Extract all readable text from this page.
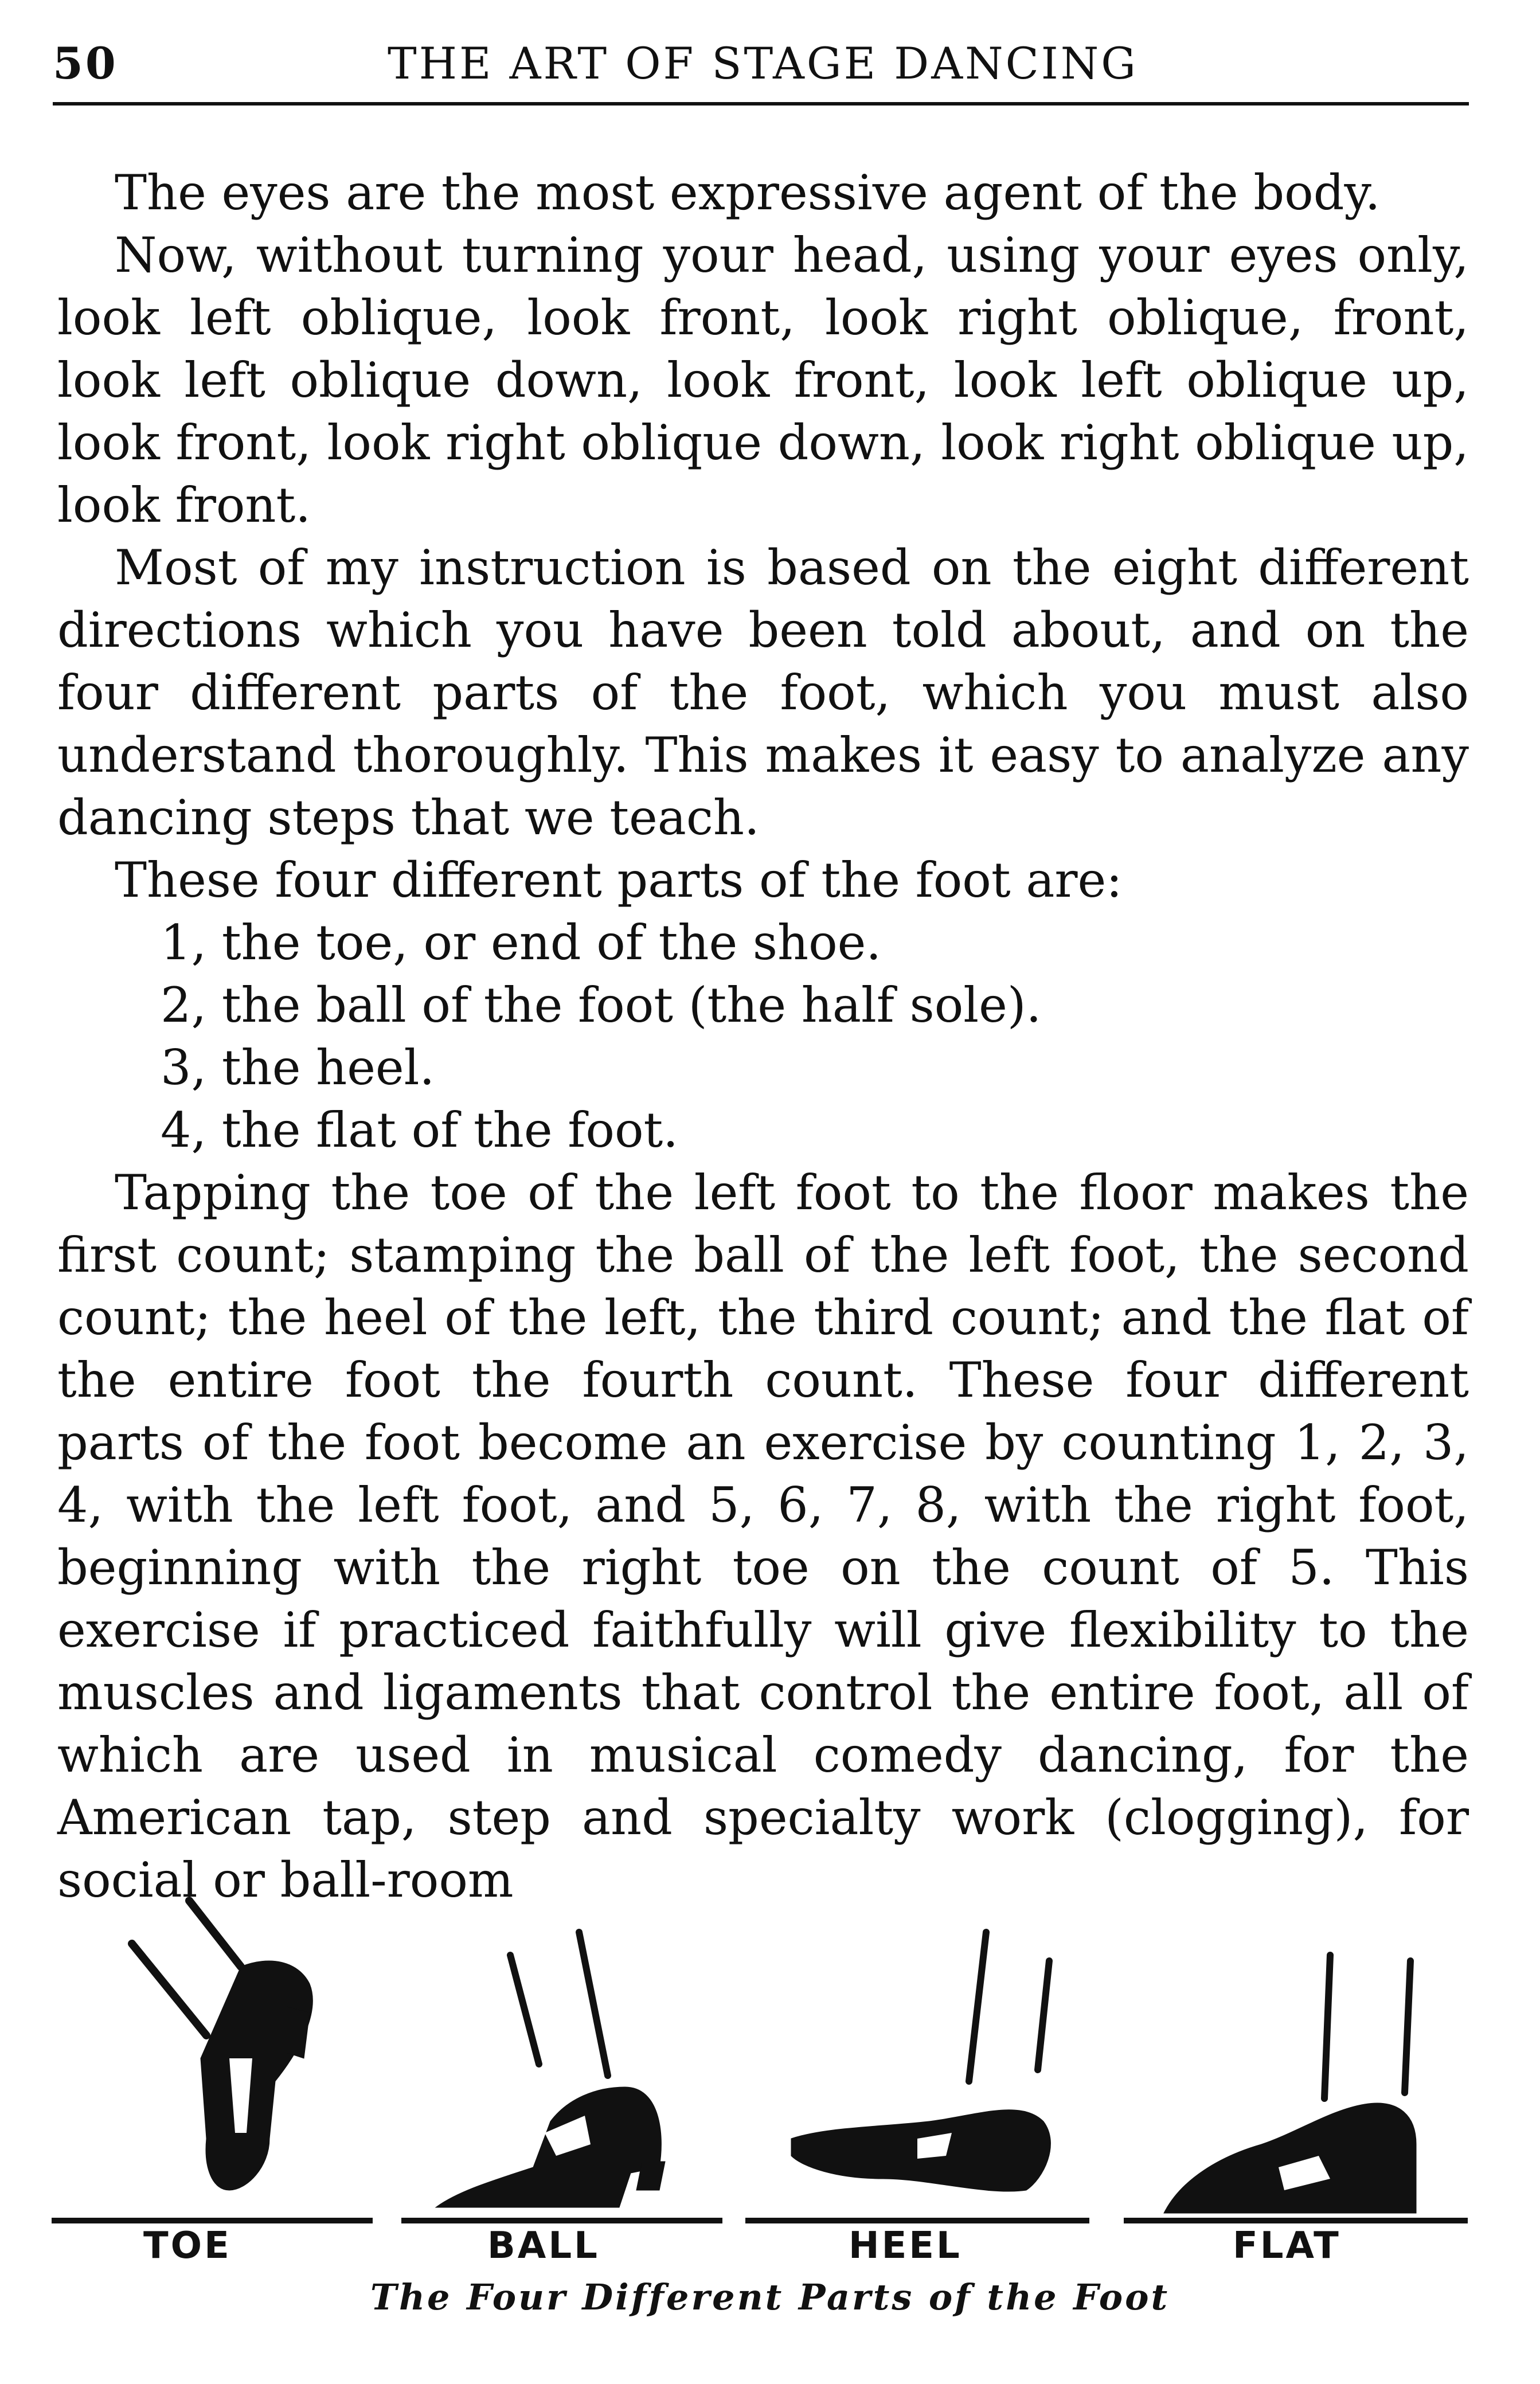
50	THE ART OF STAGE DANCING

The eyes are the most expressive agent of the body.

Now, without turning your head, using your eyes only, look left oblique, look front, look right oblique, front, look left oblique down, look front, look left oblique up, look front, look right oblique down, look right oblique up, look front.

Most of my instruction is based on the eight different directions which you have been told about, and on the four different parts of the foot, which you must also understand thoroughly. This makes it easy to analyze any dancing steps that we teach.

These four different parts of the foot are:

1, the toe, or end of the shoe.

2, the ball of the foot (the half sole).

3, the heel.

4, the flat of the foot.

Tapping the toe of the left foot to the floor makes the first count; stamping the ball of the left foot, the second count; the heel of the left, the third count; and the flat of the entire foot the fourth count. These four different parts of the foot become an exercise by counting 1, 2, 3, 4, with the left foot, and 5, 6, 7, 8, with the right foot, beginning with the right toe on the count of 5. This exercise if practiced faithfully will give flexibility to the muscles and ligaments that control the entire foot, all of which are used in musical comedy dancing, for the American tap, step and specialty work (clogging), for social or ball-room

TOE	BALL	HEEL	FLAT
The Four Different Parts of the Foot
